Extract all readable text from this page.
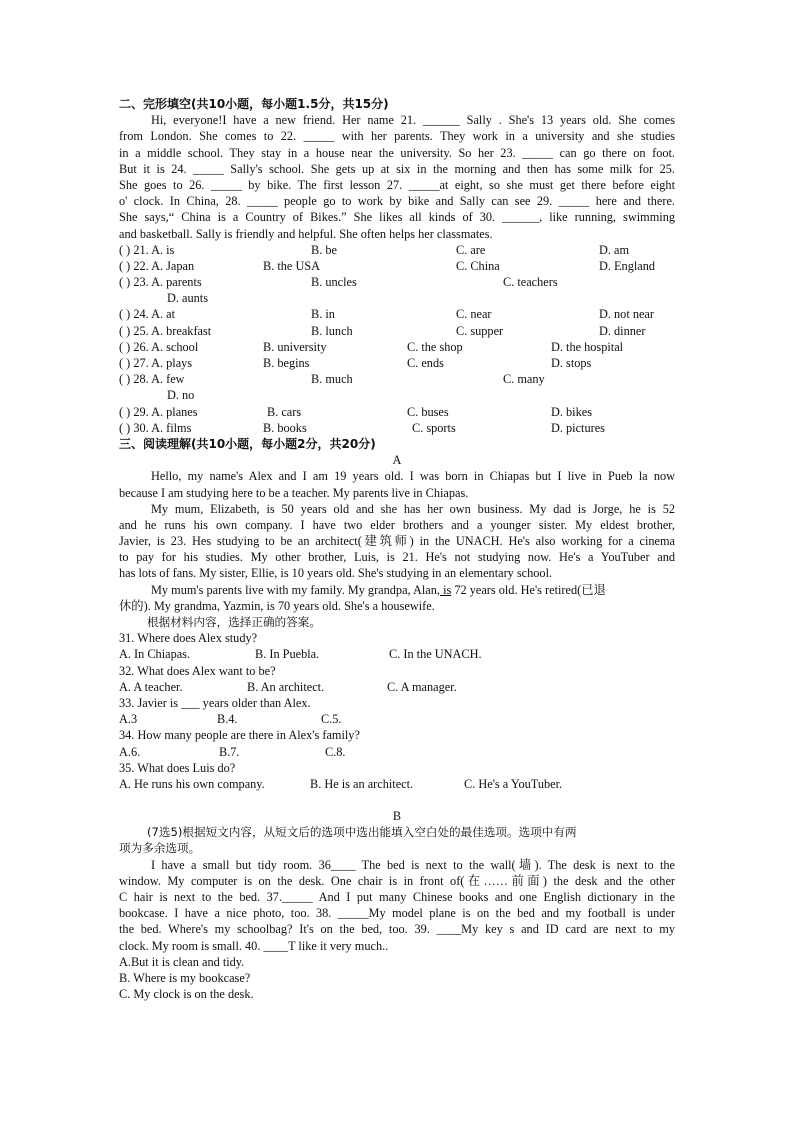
二、完形填空(共10小题，每小题1.5分，共15分)
Hi, everyone!I have a new friend. Her name 21. ______ Sally . She's 13 years old. She comes
from London. She comes to 22. _____ with her parents. They work in a university and she studies
in a middle school. They stay in a house near the university. So her 23. _____ can go there on foot.
But it is 24. _____ Sally's school. She gets up at six in the morning and then has some milk for 25.
She goes to 26. _____ by bike. The first lesson 27. _____at eight, so she must get there before eight
o' clock. In China, 28. _____ people go to work by bike and Sally can see 29. _____ here and there.
She says,“ China is a Country of Bikes.” She likes all kinds of 30. ______, like running, swimming
and basketball. Sally is friendly and helpful. She often helps her classmates.
( ) 21. A. is	B. be	C. are	D. am
( ) 22. A. Japan	B. the USA	C. China	D. England
( ) 23. A. parents	B. uncles	C. teachers
D. aunts
( ) 24. A. at	B. in	C. near	D. not near
( ) 25. A. breakfast	B. lunch	C. supper	D. dinner
( ) 26. A. school	B. university	C. the shop	D. the hospital
( ) 27. A. plays	B. begins	C. ends	D. stops
( ) 28. A. few	B. much	C. many
D. no
( ) 29. A. planes	B. cars	C. buses	D. bikes
( ) 30. A. films	B. books	C. sports	D. pictures
三、阅读理解(共10小题，每小题2分，共20分)
A
Hello, my name's Alex and I am 19 years old. I was born in Chiapas but I live in Pueb la now
because I am studying here to be a teacher. My parents live in Chiapas.
My mum, Elizabeth, is 50 years old and she has her own business. My dad is Jorge, he is 52
and he runs his own company. I have two elder brothers and a younger sister. My eldest brother,
Javier, is 23. Hes studying to be an architect(建筑师) in the UNACH. He's also working for a cinema
to pay for his studies. My other brother, Luis, is 21. He's not studying now. He's a YouTuber and
has lots of fans. My sister, Ellie, is 10 years old. She's studying in an elementary school.
My mum's parents live with my family. My grandpa, Alan, is 72 years old. He's retired(已退
休的). My grandma, Yazmin, is 70 years old. She's a housewife.
根据材料内容，选择正确的答案。
31. Where does Alex study?
A. In Chiapas.	B. In Puebla.	C. In the UNACH.
32. What does Alex want to be?
A. A teacher.	B. An architect.	C. A manager.
33. Javier is ___ years older than Alex.
A.3	B.4.	C.5.
34. How many people are there in Alex's family?
A.6.	B.7.	C.8.
35. What does Luis do?
A. He runs his own company.	B. He is an architect.	C. He's a YouTuber.
B
(7选5)根据短文内容，从短文后的选项中选出能填入空白处的最佳选项。选项中有两
项为多余选项。
I have a small but tidy room. 36____ The bed is next to the wall(墙). The desk is next to the
window. My computer is on the desk. One chair is in front of(在……前面) the desk and the other
C hair is next to the bed. 37._____ And I put many Chinese books and one English dictionary in the
bookcase. I have a nice photo, too. 38. _____My model plane is on the bed and my football is under
the bed. Where's my schoolbag? It's on the bed, too. 39. ____My key s and ID card are next to my
clock. My room is small. 40. ____T like it very much..
A.But it is clean and tidy.
B. Where is my bookcase?
C. My clock is on the desk.
